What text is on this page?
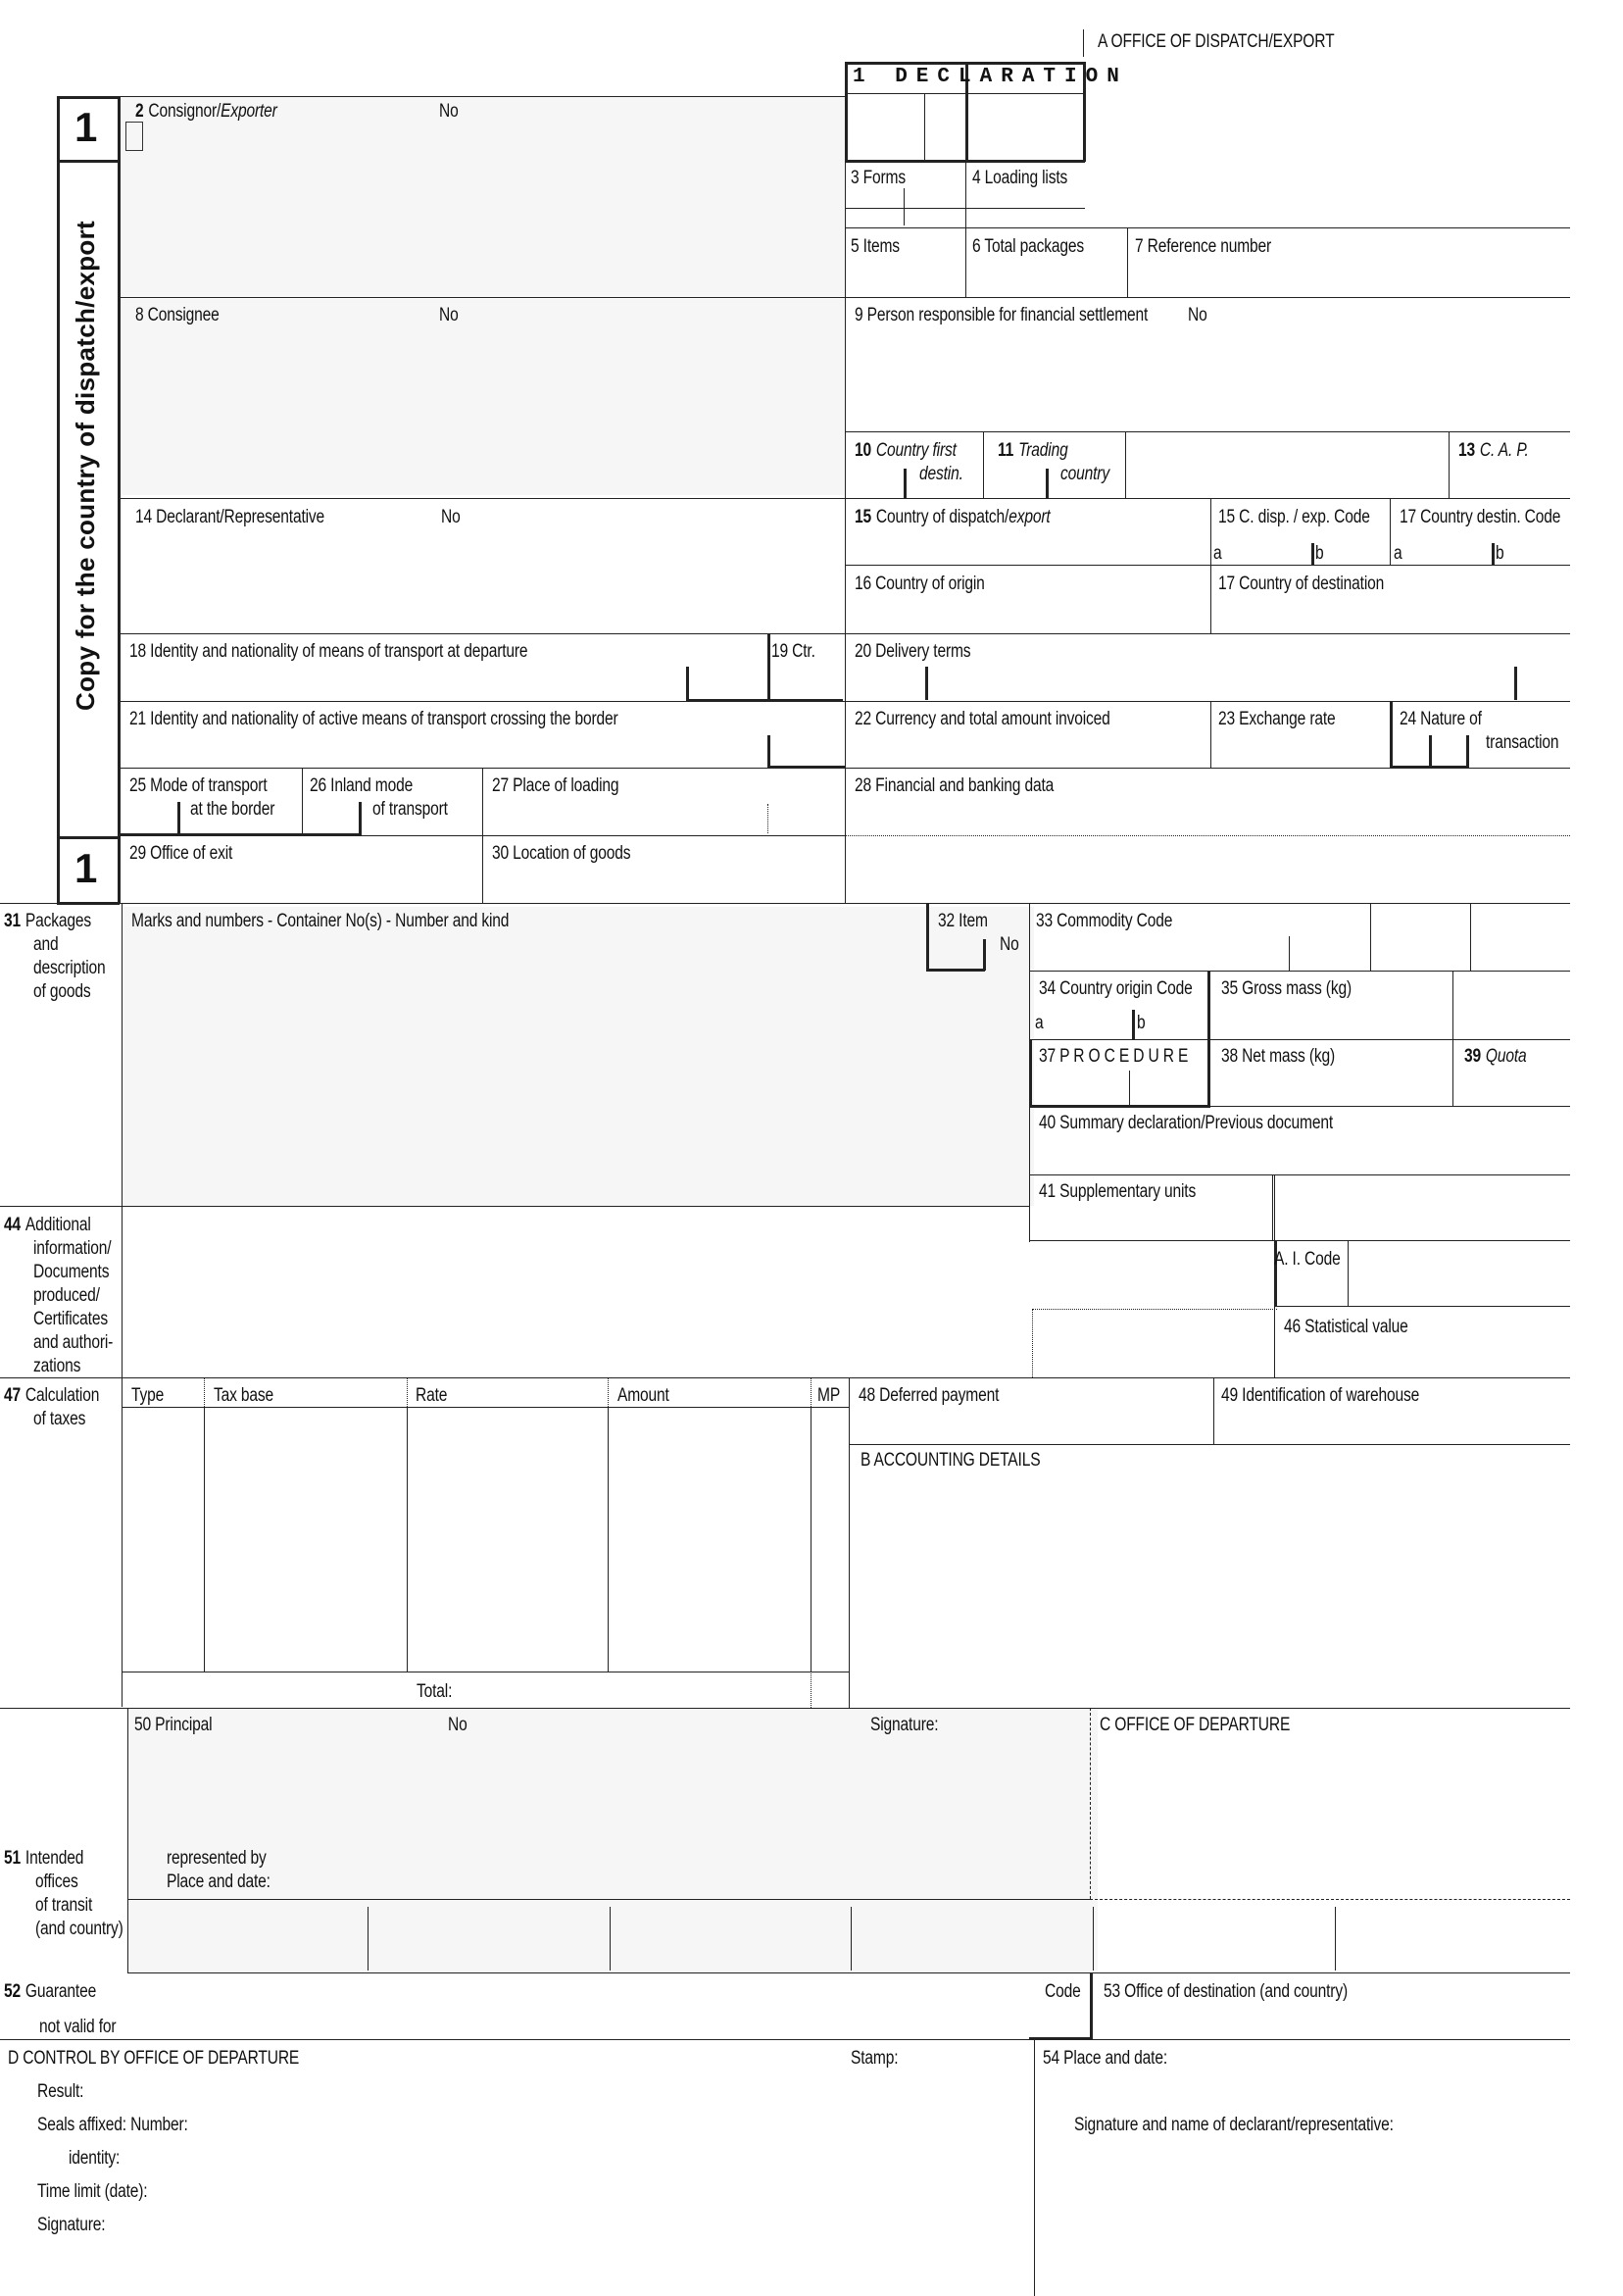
A OFFICE OF DISPATCH/EXPORT
1 DECLARATION
1
1
Copy for the country of dispatch/export
2 Consignor/Exporter	No
3 Forms	4 Loading lists
5 Items	6 Total packages	7 Reference number
8 Consignee	No	9 Person responsible for financial settlement No
10 Country first
destin.
11 Trading
country
13 C. A. P.
14 Declarant/Representative	No	15 Country of dispatch/export	15 C. disp. / exp. Code 17 Country destin. Code
a	b	a	b
16 Country of origin	17 Country of destination
18 Identity and nationality of means of transport at departure	19 Ctr. 20 Delivery terms
21 Identity and nationality of active means of transport crossing the border	22 Currency and total amount invoiced	23 Exchange rate	24 Nature of
transaction
25 Mode of transport
at the border
26 Inland mode
of transport
27 Place of loading	28 Financial and banking data
29 Office of exit	30 Location of goods
31 Packages
and
description
of goods
Marks and numbers - Container No(s) - Number and kind	32 Item
No
33 Commodity Code
34 Country origin Code
a	b
35 Gross mass (kg)
37 P R O C E D U R E 38 Net mass (kg)	39 Quota
40 Summary declaration/Previous document
41 Supplementary units
44 Additional
information/
Documents
produced/
Certificates
and authori-
zations
A. I. Code
46 Statistical value
47 Calculation
of taxes
Type	Tax base	Rate	Amount	MP
Total:
48 Deferred payment	49 Identification of warehouse
B ACCOUNTING DETAILS
50 Principal	No	Signature:	C OFFICE OF DEPARTURE
represented by
Place and date:
51 Intended
offices
of transit
(and country)
52 Guarantee
not valid for
Code 53 Office of destination (and country)
D CONTROL BY OFFICE OF DEPARTURE	Stamp:	54 Place and date:
Result:
Seals affixed: Number:
identity:
Time limit (date):
Signature:
Signature and name of declarant/representative:
